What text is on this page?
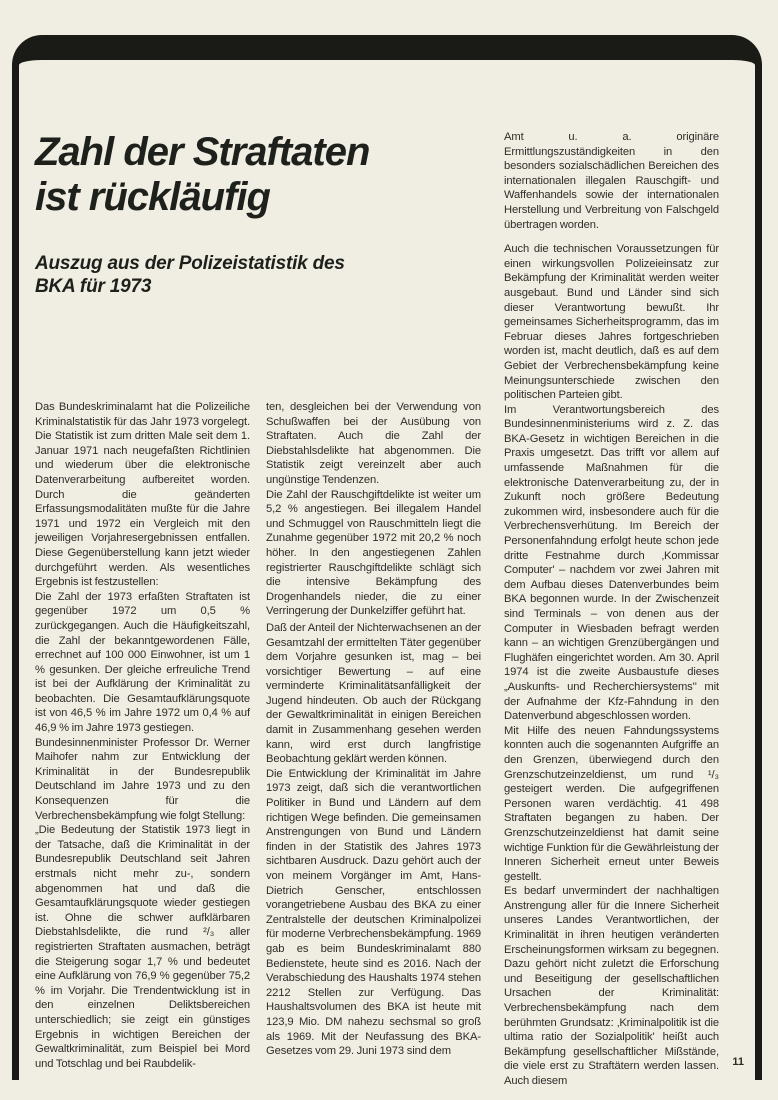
Zahl der Straftaten
ist rückläufig
Auszug aus der Polizeistatistik des
BKA für 1973

Das Bundeskriminalamt hat die Polizeiliche Kriminalstatistik für das Jahr 1973 vorgelegt. Die Statistik ist zum dritten Male seit dem 1. Januar 1971 nach neugefaßten Richtlinien und wiederum über die elektronische Datenverarbeitung aufbereitet worden. Durch die geänderten Erfassungsmodalitäten mußte für die Jahre 1971 und 1972 ein Vergleich mit den jeweiligen Vorjahresergebnissen entfallen. Diese Gegenüberstellung kann jetzt wieder durchgeführt werden. Als wesentliches Ergebnis ist festzustellen:

Die Zahl der 1973 erfaßten Straftaten ist gegenüber 1972 um 0,5 % zurückgegangen. Auch die Häufigkeitszahl, die Zahl der bekanntgewordenen Fälle, errechnet auf 100 000 Einwohner, ist um 1 % gesunken. Der gleiche erfreuliche Trend ist bei der Aufklärung der Kriminalität zu beobachten. Die Gesamtaufklärungsquote ist von 46,5 % im Jahre 1972 um 0,4 % auf 46,9 % im Jahre 1973 gestiegen.

Bundesinnenminister Professor Dr. Werner Maihofer nahm zur Entwicklung der Kriminalität in der Bundesrepublik Deutschland im Jahre 1973 und zu den Konsequenzen für die Verbrechensbekämpfung wie folgt Stellung:

„Die Bedeutung der Statistik 1973 liegt in der Tatsache, daß die Kriminalität in der Bundesrepublik Deutschland seit Jahren erstmals nicht mehr zu-, sondern abgenommen hat und daß die Gesamtaufklärungsquote wieder gestiegen ist. Ohne die schwer aufklärbaren Diebstahlsdelikte, die rund ²/₃ aller registrierten Straftaten ausmachen, beträgt die Steigerung sogar 1,7 % und bedeutet eine Aufklärung von 76,9 % gegenüber 75,2 % im Vorjahr. Die Trendentwicklung ist in den einzelnen Deliktsbereichen unterschiedlich; sie zeigt ein günstiges Ergebnis in wichtigen Bereichen der Gewaltkriminalität, zum Beispiel bei Mord und Totschlag und bei Raubdelik-

ten, desgleichen bei der Verwendung von Schußwaffen bei der Ausübung von Straftaten. Auch die Zahl der Diebstahlsdelikte hat abgenommen. Die Statistik zeigt vereinzelt aber auch ungünstige Tendenzen.

Die Zahl der Rauschgiftdelikte ist weiter um 5,2 % angestiegen. Bei illegalem Handel und Schmuggel von Rauschmitteln liegt die Zunahme gegenüber 1972 mit 20,2 % noch höher. In den angestiegenen Zahlen registrierter Rauschgiftdelikte schlägt sich die intensive Bekämpfung des Drogenhandels nieder, die zu einer Verringerung der Dunkelziffer geführt hat.

Daß der Anteil der Nichterwachsenen an der Gesamtzahl der ermittelten Täter gegenüber dem Vorjahre gesunken ist, mag – bei vorsichtiger Bewertung – auf eine verminderte Kriminalitätsanfälligkeit der Jugend hindeuten. Ob auch der Rückgang der Gewaltkriminalität in einigen Bereichen damit in Zusammenhang gesehen werden kann, wird erst durch langfristige Beobachtung geklärt werden können.

Die Entwicklung der Kriminalität im Jahre 1973 zeigt, daß sich die verantwortlichen Politiker in Bund und Ländern auf dem richtigen Wege befinden. Die gemeinsamen Anstrengungen von Bund und Ländern finden in der Statistik des Jahres 1973 sichtbaren Ausdruck. Dazu gehört auch der von meinem Vorgänger im Amt, Hans-Dietrich Genscher, entschlossen vorangetriebene Ausbau des BKA zu einer Zentralstelle der deutschen Kriminalpolizei für moderne Verbrechensbekämpfung. 1969 gab es beim Bundeskriminalamt 880 Bedienstete, heute sind es 2016. Nach der Verabschiedung des Haushalts 1974 stehen 2212 Stellen zur Verfügung. Das Haushaltsvolumen des BKA ist heute mit 123,9 Mio. DM nahezu sechsmal so groß als 1969. Mit der Neufassung des BKA-Gesetzes vom 29. Juni 1973 sind dem

Amt u. a. originäre Ermittlungszuständigkeiten in den besonders sozialschädlichen Bereichen des internationalen illegalen Rauschgift- und Waffenhandels sowie der internationalen Herstellung und Verbreitung von Falschgeld übertragen worden.

Auch die technischen Voraussetzungen für einen wirkungsvollen Polizeieinsatz zur Bekämpfung der Kriminalität werden weiter ausgebaut. Bund und Länder sind sich dieser Verantwortung bewußt. Ihr gemeinsames Sicherheitsprogramm, das im Februar dieses Jahres fortgeschrieben worden ist, macht deutlich, daß es auf dem Gebiet der Verbrechensbekämpfung keine Meinungsunterschiede zwischen den politischen Parteien gibt.

Im Verantwortungsbereich des Bundesinnenministeriums wird z. Z. das BKA-Gesetz in wichtigen Bereichen in die Praxis umgesetzt. Das trifft vor allem auf umfassende Maßnahmen für die elektronische Datenverarbeitung zu, der in Zukunft noch größere Bedeutung zukommen wird, insbesondere auch für die Verbrechensverhütung. Im Bereich der Personenfahndung erfolgt heute schon jede dritte Festnahme durch ‚Kommissar Computer' – nachdem vor zwei Jahren mit dem Aufbau dieses Datenverbundes beim BKA begonnen wurde. In der Zwischenzeit sind Terminals – von denen aus der Computer in Wiesbaden befragt werden kann – an wichtigen Grenzübergängen und Flughäfen eingerichtet worden. Am 30. April 1974 ist die zweite Ausbaustufe dieses „Auskunfts- und Recherchiersystems'' mit der Aufnahme der Kfz-Fahndung in den Datenverbund abgeschlossen worden.

Mit Hilfe des neuen Fahndungssystems konnten auch die sogenannten Aufgriffe an den Grenzen, überwiegend durch den Grenzschutzeinzeldienst, um rund ¹/₃ gesteigert werden. Die aufgegriffenen Personen waren verdächtig. 41 498 Straftaten begangen zu haben. Der Grenzschutzeinzeldienst hat damit seine wichtige Funktion für die Gewährleistung der Inneren Sicherheit erneut unter Beweis gestellt.

Es bedarf unvermindert der nachhaltigen Anstrengung aller für die Innere Sicherheit unseres Landes Verantwortlichen, der Kriminalität in ihren heutigen veränderten Erscheinungsformen wirksam zu begegnen. Dazu gehört nicht zuletzt die Erforschung und Beseitigung der gesellschaftlichen Ursachen der Kriminalität: Verbrechensbekämpfung nach dem berühmten Grundsatz: ‚Kriminalpolitik ist die ultima ratio der Sozialpolitik' heißt auch Bekämpfung gesellschaftlicher Mißstände, die viele erst zu Straftätern werden lassen. Auch diesem

11
